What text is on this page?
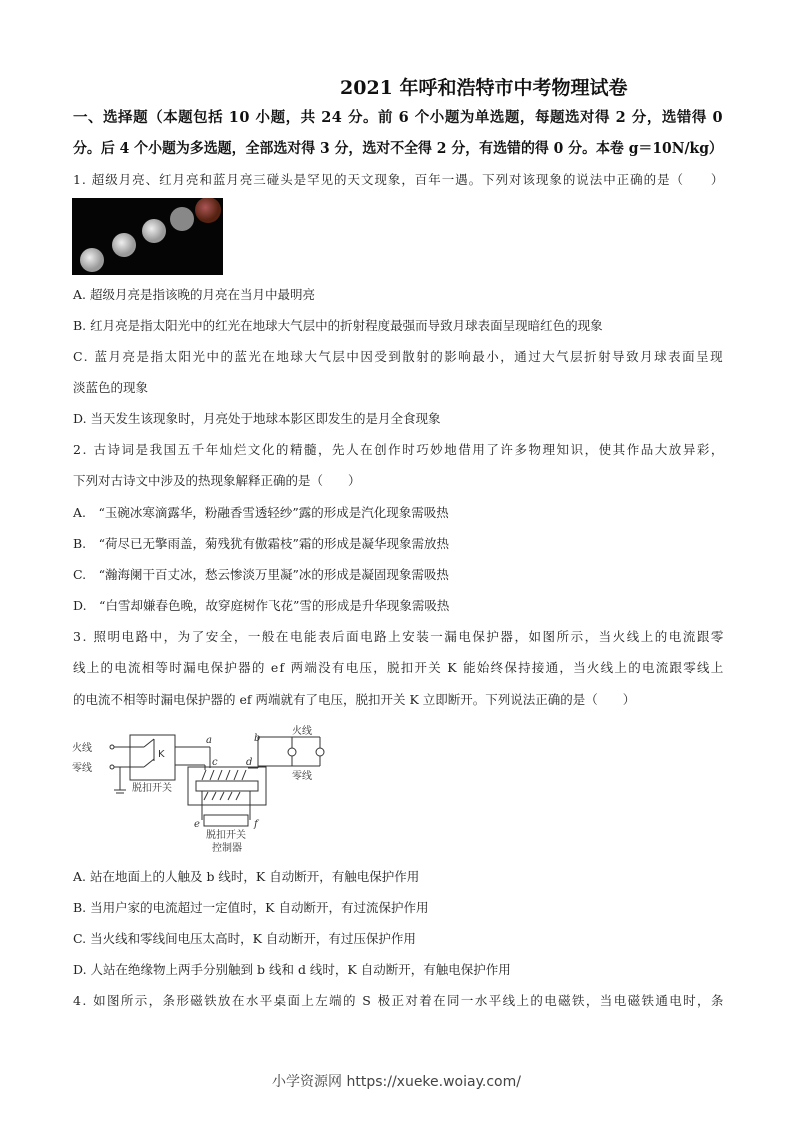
2021 年呼和浩特市中考物理试卷
一、选择题（本题包括 10 小题，共 24 分。前 6 个小题为单选题，每题选对得 2 分，选错得 0
分。后 4 个小题为多选题，全部选对得 3 分，选对不全得 2 分，有选错的得 0 分。本卷 g＝10N/kg）
1. 超级月亮、红月亮和蓝月亮三碰头是罕见的天文现象，百年一遇。下列对该现象的说法中正确的是（　　）
A. 超级月亮是指该晚的月亮在当月中最明亮
B. 红月亮是指太阳光中的红光在地球大气层中的折射程度最强而导致月球表面呈现暗红色的现象
C. 蓝月亮是指太阳光中的蓝光在地球大气层中因受到散射的影响最小，通过大气层折射导致月球表面呈现
淡蓝色的现象
D. 当天发生该现象时，月亮处于地球本影区即发生的是月全食现象
2. 古诗词是我国五千年灿烂文化的精髓，先人在创作时巧妙地借用了许多物理知识，使其作品大放异彩，
下列对古诗文中涉及的热现象解释正确的是（　　）
A.　“玉碗冰寒滴露华，粉融香雪透轻纱”露的形成是汽化现象需吸热
B.　“荷尽已无擎雨盖，菊残犹有傲霜枝”霜的形成是凝华现象需放热
C.　“瀚海阑干百丈冰，愁云惨淡万里凝”冰的形成是凝固现象需吸热
D.　“白雪却嫌春色晚，故穿庭树作飞花”雪的形成是升华现象需吸热
3. 照明电路中，为了安全，一般在电能表后面电路上安装一漏电保护器，如图所示，当火线上的电流跟零
线上的电流相等时漏电保护器的 ef 两端没有电压，脱扣开关 K 能始终保持接通，当火线上的电流跟零线上
的电流不相等时漏电保护器的 ef 两端就有了电压，脱扣开关 K 立即断开。下列说法正确的是（　　）
火线
零线
脱扣开关
K
a	b
c	d
e	f
火线
零线
脱扣开关
控制器
A. 站在地面上的人触及 b 线时，K 自动断开，有触电保护作用
B. 当用户家的电流超过一定值时，K 自动断开，有过流保护作用
C. 当火线和零线间电压太高时，K 自动断开，有过压保护作用
D. 人站在绝缘物上两手分别触到 b 线和 d 线时，K 自动断开，有触电保护作用
4. 如图所示，条形磁铁放在水平桌面上左端的 S 极正对着在同一水平线上的电磁铁，当电磁铁通电时，条
小学资源网 https://xueke.woiay.com/
